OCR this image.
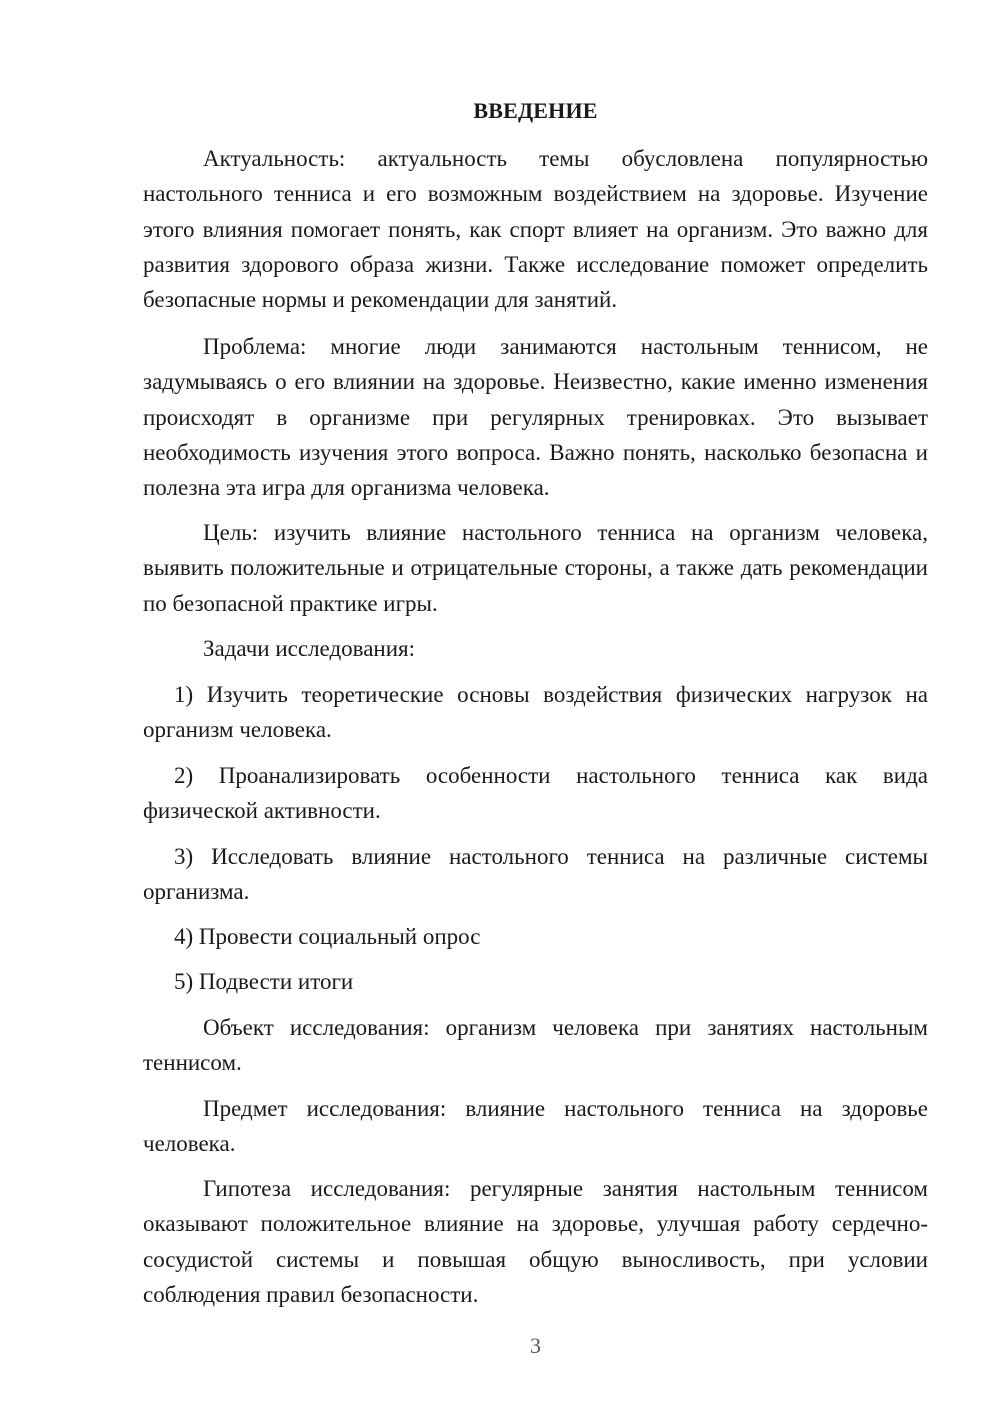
ВВЕДЕНИЕ

Актуальность: актуальность темы обусловлена популярностью настольного тенниса и его возможным воздействием на здоровье. Изучение этого влияния помогает понять, как спорт влияет на организм. Это важно для развития здорового образа жизни. Также исследование поможет определить безопасные нормы и рекомендации для занятий.

Проблема: многие люди занимаются настольным теннисом, не задумываясь о его влиянии на здоровье. Неизвестно, какие именно изменения происходят в организме при регулярных тренировках. Это вызывает необходимость изучения этого вопроса. Важно понять, насколько безопасна и полезна эта игра для организма человека.

Цель: изучить влияние настольного тенниса на организм человека, выявить положительные и отрицательные стороны, а также дать рекомендации по безопасной практике игры.

Задачи исследования:

1) Изучить теоретические основы воздействия физических нагрузок на организм человека.

2) Проанализировать особенности настольного тенниса как вида физической активности.

3) Исследовать влияние настольного тенниса на различные системы организма.

4) Провести социальный опрос

5) Подвести итоги

Объект исследования: организм человека при занятиях настольным теннисом.

Предмет исследования: влияние настольного тенниса на здоровье человека.

Гипотеза исследования: регулярные занятия настольным теннисом оказывают положительное влияние на здоровье, улучшая работу сердечно-сосудистой системы и повышая общую выносливость, при условии соблюдения правил безопасности.

3
